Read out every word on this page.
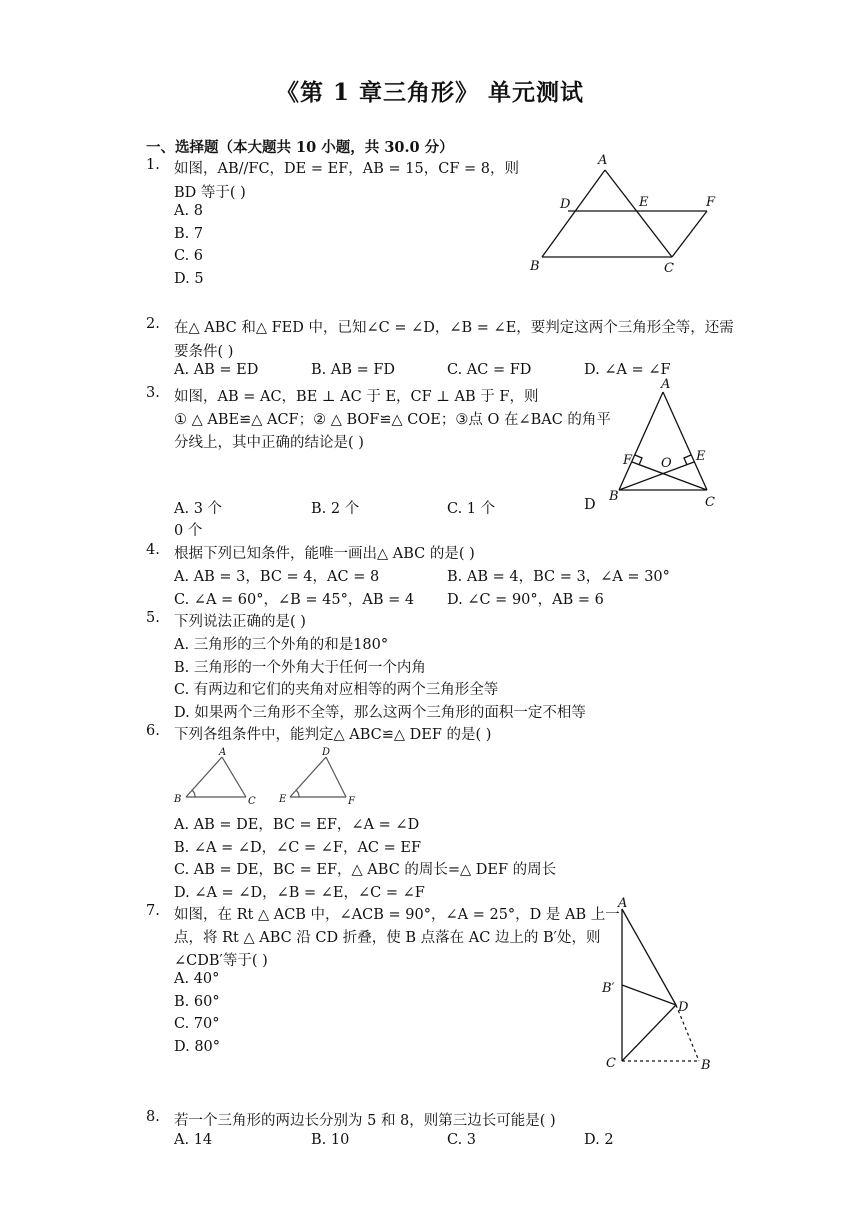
《第 1 章三角形》 单元测试
一、选择题（本大题共 10 小题，共 30.0 分）
1. 如图，AB//FC，DE = EF，AB = 15，CF = 8，则
BD 等于( )
A. 8
B. 7
C. 6
D. 5
A
D	E	F
B	C
2. 在△ ABC 和△ FED 中，已知∠C = ∠D，∠B = ∠E，要判定这两个三角形全等，还需
要条件( )
A. AB = ED	B. AB = FD	C. AC = FD	D. ∠A = ∠F
3. 如图，AB = AC，BE ⊥ AC 于 E，CF ⊥ AB 于 F，则
① △ ABE≌△ ACF；② △ BOF≌△ COE；③点 O 在∠BAC 的角平
分线上，其中正确的结论是( )
A. 3 个	B. 2 个	C. 1 个	D
0 个
A
F O E
B	C
4. 根据下列已知条件，能唯一画出△ ABC 的是( )
A. AB = 3，BC = 4，AC = 8	B. AB = 4，BC = 3，∠A = 30°
C. ∠A = 60°，∠B = 45°，AB = 4 D. ∠C = 90°，AB = 6
5. 下列说法正确的是( )
A. 三角形的三个外角的和是180°
B. 三角形的一个外角大于任何一个内角
C. 有两边和它们的夹角对应相等的两个三角形全等
D. 如果两个三角形不全等，那么这两个三角形的面积一定不相等
6. 下列各组条件中，能判定△ ABC≌△ DEF 的是( )
A
B	C
D
E	F
A. AB = DE，BC = EF，∠A = ∠D
B. ∠A = ∠D，∠C = ∠F，AC = EF
C. AB = DE，BC = EF，△ ABC 的周长=△ DEF 的周长
D. ∠A = ∠D，∠B = ∠E，∠C = ∠F
7. 如图，在 Rt △ ACB 中，∠ACB = 90°，∠A = 25°，D 是 AB 上一
点，将 Rt △ ABC 沿 CD 折叠，使 B 点落在 AC 边上的 B′处，则
∠CDB′等于( )
A. 40°
B. 60°
C. 70°
D. 80°
A
B′
D
C	B
8. 若一个三角形的两边长分别为 5 和 8，则第三边长可能是( )
A. 14	B. 10	C. 3	D. 2
